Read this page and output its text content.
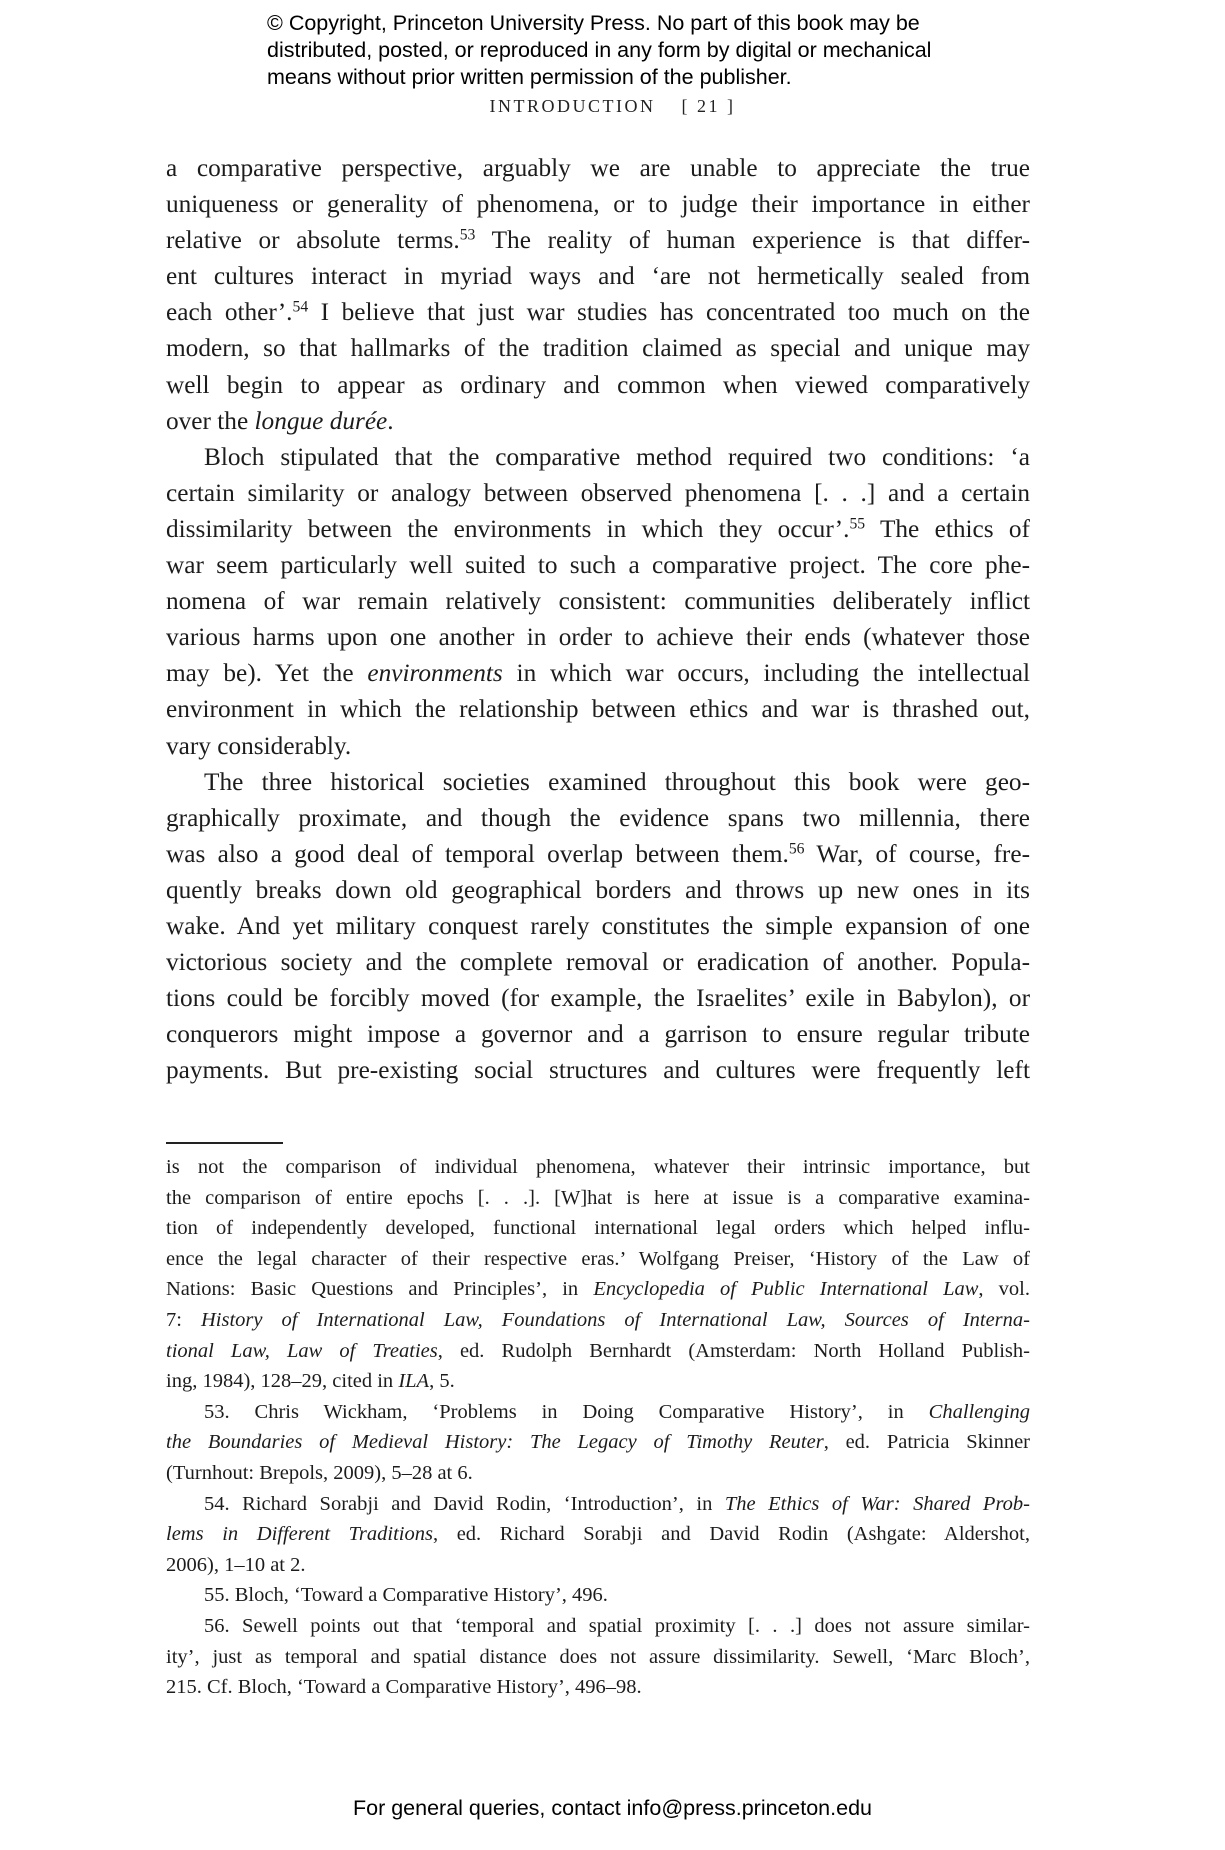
© Copyright, Princeton University Press. No part of this book may be
distributed, posted, or reproduced in any form by digital or mechanical
means without prior written permission of the publisher.
INTRODUCTION [ 21 ]
a comparative perspective, arguably we are unable to appreciate the true
uniqueness or generality of phenomena, or to judge their importance in either
relative or absolute terms.$^{53}$ The reality of human experience is that differ-
ent cultures interact in myriad ways and ‘are not hermetically sealed from
each other’.$^{54}$ I believe that just war studies has concentrated too much on the
modern, so that hallmarks of the tradition claimed as special and unique may
well begin to appear as ordinary and common when viewed comparatively
over the longue durée.
Bloch stipulated that the comparative method required two conditions: ‘a
certain similarity or analogy between observed phenomena [. . .] and a certain
dissimilarity between the environments in which they occur’.$^{55}$ The ethics of
war seem particularly well suited to such a comparative project. The core phe-
nomena of war remain relatively consistent: communities deliberately inflict
various harms upon one another in order to achieve their ends (whatever those
may be). Yet the environments in which war occurs, including the intellectual
environment in which the relationship between ethics and war is thrashed out,
vary considerably.
The three historical societies examined throughout this book were geo-
graphically proximate, and though the evidence spans two millennia, there
was also a good deal of temporal overlap between them.$^{56}$ War, of course, fre-
quently breaks down old geographical borders and throws up new ones in its
wake. And yet military conquest rarely constitutes the simple expansion of one
victorious society and the complete removal or eradication of another. Popula-
tions could be forcibly moved (for example, the Israelites’ exile in Babylon), or
conquerors might impose a governor and a garrison to ensure regular tribute
payments. But pre-existing social structures and cultures were frequently left
is not the comparison of individual phenomena, whatever their intrinsic importance, but
the comparison of entire epochs [. . .]. [W]hat is here at issue is a comparative examina-
tion of independently developed, functional international legal orders which helped influ-
ence the legal character of their respective eras.’ Wolfgang Preiser, ‘History of the Law of
Nations: Basic Questions and Principles’, in Encyclopedia of Public International Law, vol.
7: History of International Law, Foundations of International Law, Sources of Interna-
tional Law, Law of Treaties, ed. Rudolph Bernhardt (Amsterdam: North Holland Publish-
ing, 1984), 128–29, cited in ILA, 5.
53. Chris Wickham, ‘Problems in Doing Comparative History’, in Challenging
the Boundaries of Medieval History: The Legacy of Timothy Reuter, ed. Patricia Skinner
(Turnhout: Brepols, 2009), 5–28 at 6.
54. Richard Sorabji and David Rodin, ‘Introduction’, in The Ethics of War: Shared Prob-
lems in Different Traditions, ed. Richard Sorabji and David Rodin (Ashgate: Aldershot,
2006), 1–10 at 2.
55. Bloch, ‘Toward a Comparative History’, 496.
56. Sewell points out that ‘temporal and spatial proximity [. . .] does not assure similar-
ity’, just as temporal and spatial distance does not assure dissimilarity. Sewell, ‘Marc Bloch’,
215. Cf. Bloch, ‘Toward a Comparative History’, 496–98.
For general queries, contact info@press.princeton.edu
